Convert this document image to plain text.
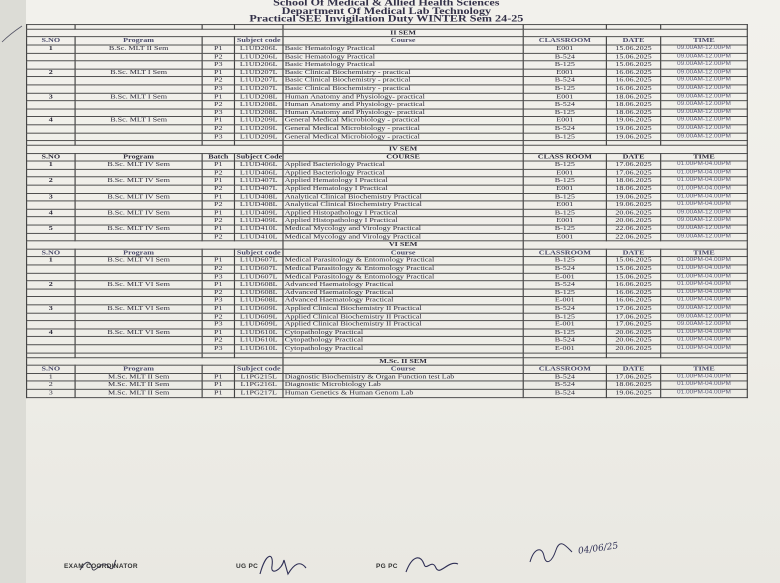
School Of Medical & Allied Health Sciences
Department Of Medical Lab Technology
Practical SEE Invigilation Duty WINTER Sem 24-25

				II SEM			
S.NO	Program		Subject code	Course	CLASSROOM	DATE	TIME
1	B.Sc. MLT II Sem	P1	L1UD206L	Basic Hematology Practical	E001	15.06.2025	09.00AM-12.00PM
		P2	L1UD206L	Basic Hematology Practical	B-524	15.06.2025	09.00AM-12.00PM
		P3	L1UD206L	Basic Hematology Practical	B-125	15.06.2025	09.00AM-12.00PM
2	B.Sc. MLT I Sem	P1	L1UD207L	Basic Clinical Biochemistry - practical	E001	16.06.2025	09.00AM-12.00PM
		P2	L1UD207L	Basic Clinical Biochemistry - practical	B-524	16.06.2025	09.00AM-12.00PM
		P3	L1UD207L	Basic Clinical Biochemistry - practical	B-125	16.06.2025	09.00AM-12.00PM
3	B.Sc. MLT I Sem	P1	L1UD208L	Human Anatomy and Physiology- practical	E001	18.06.2025	09.00AM-12.00PM
		P2	L1UD208L	Human Anatomy and Physiology- practical	B-524	18.06.2025	09.00AM-12.00PM
		P3	L1UD208L	Human Anatomy and Physiology- practical	B-125	18.06.2025	09.00AM-12.00PM
4	B.Sc. MLT I Sem	P1	L1UD209L	General Medical Microbiology - practical	E001	19.06.2025	09.00AM-12.00PM
		P2	L1UD209L	General Medical Microbiology - practical	B-524	19.06.2025	09.00AM-12.00PM
		P3	L1UD209L	General Medical Microbiology - practical	B-125	19.06.2025	09.00AM-12.00PM

				IV SEM			
S.NO	Program	Batch	Subject Code	COURSE	CLASS ROOM	DATE	TIME
1	B.Sc. MLT IV Sem	P1	L1UD406L	Applied Bacteriology Practical	B-125	17.06.2025	01.00PM-04.00PM
		P2	L1UD406L	Applied Bacteriology Practical	E001	17.06.2025	01.00PM-04.00PM
2	B.Sc. MLT IV Sem	P1	L1UD407L	Applied Hematology I Practical	B-125	18.06.2025	01.00PM-04.00PM
		P2	L1UD407L	Applied Hematology I Practical	E001	18.06.2025	01.00PM-04.00PM
3	B.Sc. MLT IV Sem	P1	L1UD408L	Analytical Clinical Biochemistry Practical	B-125	19.06.2025	01.00PM-04.00PM
		P2	L1UD408L	Analytical Clinical Biochemistry Practical	E001	19.06.2025	01.00PM-04.00PM
4	B.Sc. MLT IV Sem	P1	L1UD409L	Applied Histopathology I Practical	B-125	20.06.2025	09.00AM-12.00PM
		P2	L1UD409L	Applied Histopathology I Practical	E001	20.06.2025	09.00AM-12.00PM
5	B.Sc. MLT IV Sem	P1	L1UD410L	Medical Mycology and Virology Practical	B-125	22.06.2025	09.00AM-12.00PM
		P2	L1UD410L	Medical Mycology and Virology Practical	E001	22.06.2025	09.00AM-12.00PM
				VI SEM			
S.NO	Program		Subject code	Course	CLASSROOM	DATE	TIME
1	B.Sc. MLT VI Sem	P1	L1UD607L	Medical Parasitology & Entomology Practical	B-125	15.06.2025	01.00PM-04.00PM
		P2	L1UD607L	Medical Parasitology & Entomology Practical	B-524	15.06.2025	01.00PM-04.00PM
		P3	L1UD607L	Medical Parasitology & Entomology Practical	E-001	15.06.2025	01.00PM-04.00PM
2	B.Sc. MLT VI Sem	P1	L1UD608L	Advanced Haematology Practical	B-524	16.06.2025	01.00PM-04.00PM
		P2	L1UD608L	Advanced Haematology Practical	B-125	16.06.2025	01.00PM-04.00PM
		P3	L1UD608L	Advanced Haematology Practical	E-001	16.06.2025	01.00PM-04.00PM
3	B.Sc. MLT VI Sem	P1	L1UD609L	Applied Clinical Biochemistry II Practical	B-524	17.06.2025	09.00AM-12.00PM
		P2	L1UD609L	Applied Clinical Biochemistry II Practical	B-125	17.06.2025	09.00AM-12.00PM
		P3	L1UD609L	Applied Clinical Biochemistry II Practical	E-001	17.06.2025	09.00AM-12.00PM
4	B.Sc. MLT VI Sem	P1	L1UD610L	Cytopathology Practical	B-125	20.06.2025	01.00PM-04.00PM
		P2	L1UD610L	Cytopathology Practical	B-524	20.06.2025	01.00PM-04.00PM
		P3	L1UD610L	Cytopathology Practical	E-001	20.06.2025	01.00PM-04.00PM

				M.Sc. II SEM			
S.NO	Program		Subject code	Course	CLASSROOM	DATE	TIME
1	M.Sc. MLT II Sem	P1	L1PG215L	Diagnostic Biochemistry & Organ Function test Lab	B-524	17.06.2025	01.00PM-04.00PM
2	M.Sc. MLT II Sem	P1	L1PG216L	Diagnostic Microbiology Lab	B-524	18.06.2025	01.00PM-04.00PM
3	M.Sc. MLT II Sem	P1	L1PG217L	Human Genetics & Human Genom Lab	B-524	19.06.2025	01.00PM-04.00PM
EXAM COORDINATOR	UG PC	PG PC
04/06/25
